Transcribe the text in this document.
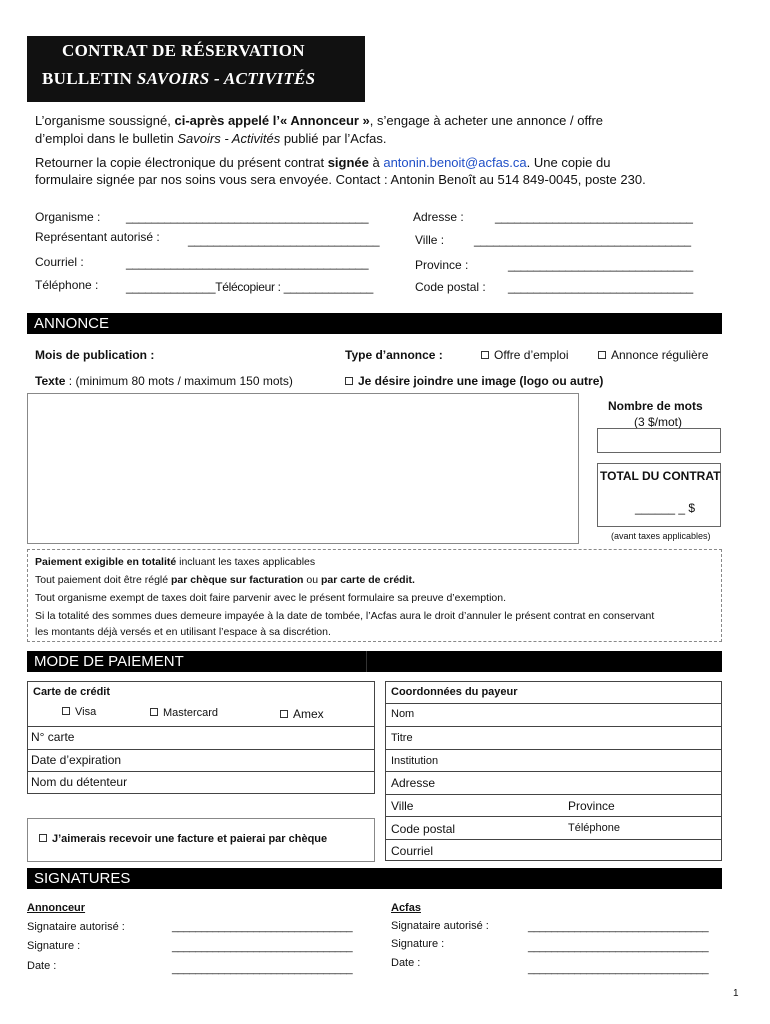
CONTRAT DE RÉSERVATION
BULLETIN SAVOIRS - ACTIVITÉS
L’organisme soussigné, ci-après appelé l’« Annonceur », s’engage à acheter une annonce / offre
d’emploi dans le bulletin Savoirs - Activités publié par l’Acfas.
Retourner la copie électronique du présent contrat signée à antonin.benoit@acfas.ca. Une copie du
formulaire signée par nos soins vous sera envoyée. Contact : Antonin Benoît au 514 849-0045, poste 230.
Organisme : ______________________________________
Représentant autorisé : ______________________________
Courriel :	______________________________________
Téléphone : ______________Télécopieur : ______________
Adresse :	_______________________________
Ville : __________________________________
Province :	_____________________________
Code postal : _____________________________
ANNONCE
Mois de publication :	Type d’annonce :	Offre d’emploi	Annonce régulière
Texte : (minimum 80 mots / maximum 150 mots)	Je désire joindre une image (logo ou autre)
Nombre de mots
(3 $/mot)
TOTAL DU CONTRAT
______ _ $
(avant taxes applicables)
Paiement exigible en totalité incluant les taxes applicables
Tout paiement doit être réglé par chèque sur facturation ou par carte de crédit.
Tout organisme exempt de taxes doit faire parvenir avec le présent formulaire sa preuve d’exemption.
Si la totalité des sommes dues demeure impayée à la date de tombée, l’Acfas aura le droit d’annuler le présent contrat en conservant
les montants déjà versés et en utilisant l’espace à sa discrétion.
MODE DE PAIEMENT
Carte de crédit
Visa	Mastercard	Amex
N° carte
Date d’expiration
Nom du détenteur
J’aimerais recevoir une facture et paierai par chèque
Coordonnées du payeur
Nom
Titre
Institution
Adresse
Ville	Province
Code postal	Téléphone
Courriel
SIGNATURES
Annonceur
Signataire autorisé :	_______________________________
Signature :	_______________________________
Date :	_______________________________
Acfas
Signataire autorisé :	_______________________________
Signature :	_______________________________
Date :	_______________________________
1
